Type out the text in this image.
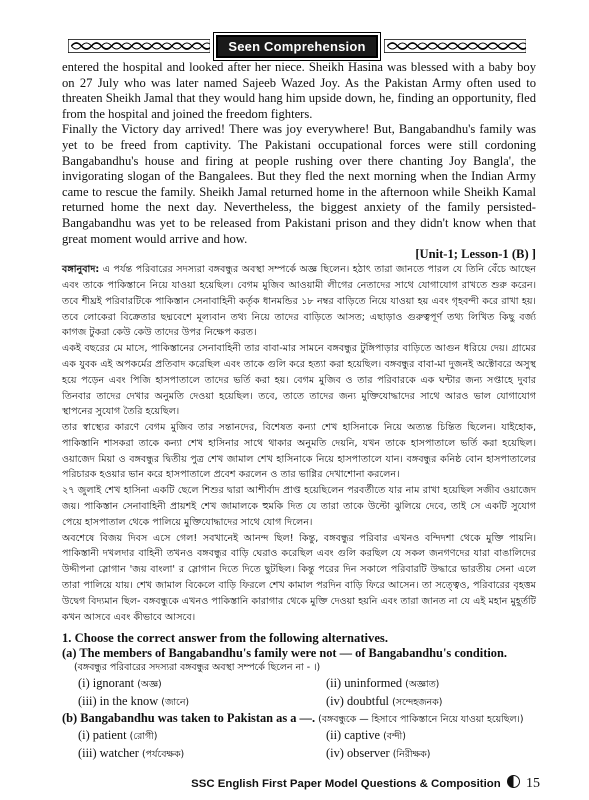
Seen Comprehension

entered the hospital and looked after her niece. Sheikh Hasina was blessed with a baby boy on 27 July who was later named Sajeeb Wazed Joy. As the Pakistan Army often used to threaten Sheikh Jamal that they would hang him upside down, he, finding an opportunity, fled from the hospital and joined the freedom fighters.

Finally the Victory day arrived! There was joy everywhere! But, Bangabandhu's family was yet to be freed from captivity. The Pakistani occupational forces were still cordoning Bangabandhu's house and firing at people rushing over there chanting Joy Bangla', the invigorating slogan of the Bangalees. But they fled the next morning when the Indian Army came to rescue the family. Sheikh Jamal returned home in the afternoon while Sheikh Kamal returned home the next day. Nevertheless, the biggest anxiety of the family persisted- Bangabandhu was yet to be released from Pakistani prison and they didn't know when that great moment would arrive and how.

[Unit-1; Lesson-1 (B) ]

বঙ্গানুবাদ: এ পর্যন্ত পরিবারের সদস্যরা বঙ্গবন্ধুর অবস্থা সম্পর্কে অজ্ঞ ছিলেন। হঠাৎ তারা জানতে পারল যে তিনি বেঁচে আছেন এবং তাকে পাকিস্তানে নিয়ে যাওয়া হয়েছিল। বেগম মুজিব আওয়ামী লীগের নেতাদের সাথে যোগাযোগ রাখতে শুরু করেন। তবে শীঘ্রই পরিবারটিকে পাকিস্তান সেনাবাহিনী কর্তৃক ধানমন্ডির ১৮ নম্বর বাড়িতে নিয়ে যাওয়া হয় এবং গৃহবন্দী করে রাখা হয়। তবে লোকেরা বিক্রেতার ছদ্মবেশে মূল্যবান তথ্য নিয়ে তাদের বাড়িতে আসত; এছাড়াও গুরুত্বপূর্ণ তথ্য লিখিত কিছু বর্জ্য কাগজ টুকরা কেউ কেউ তাদের উপর নিক্ষেপ করত।

একই বছরের মে মাসে, পাকিস্তানের সেনাবাহিনী তার বাবা-মার সামনে বঙ্গবন্ধুর টুঙ্গিপাড়ার বাড়িতে আগুন ধরিয়ে দেয়। গ্রামের এক যুবক এই অপকর্মের প্রতিবাদ করেছিল এবং তাকে গুলি করে হত্যা করা হয়েছিল। বঙ্গবন্ধুর বাবা-মা দুজনই অক্টোবরে অসুস্থ হয়ে পড়েন এবং পিজি হাসপাতালে তাদের ভর্তি করা হয়। বেগম মুজিব ও তার পরিবারকে এক ঘন্টার জন্য সপ্তাহে দুবার তিনবার তাদের দেখার অনুমতি দেওয়া হয়েছিল। তবে, তাতে তাদের জন্য মুক্তিযোদ্ধাদের সাথে আরও ভাল যোগাযোগ স্থাপনের সুযোগ তৈরি হয়েছিল।

তার স্বাস্থ্যের কারণে বেগম মুজিব তার সন্তানদের, বিশেষত কন্যা শেখ হাসিনাকে নিয়ে অত্যন্ত চিন্তিত ছিলেন। যাইহোক, পাকিস্তানি শাসকরা তাকে কন্যা শেখ হাসিনার সাথে থাকার অনুমতি দেয়নি, যখন তাকে হাসপাতালে ভর্তি করা হয়েছিল। ওয়াজেদ মিয়া ও বঙ্গবন্ধুর দ্বিতীয় পুত্র শেখ জামাল শেখ হাসিনাকে নিয়ে হাসপাতালে যান। বঙ্গবন্ধুর কনিষ্ঠ বোন হাসপাতালের পরিচারক হওয়ার ভান করে হাসপাতালে প্রবেশ করলেন ও তার ভাগ্নির দেখাশোনা করলেন।

২৭ জুলাই শেখ হাসিনা একটি ছেলে শিশুর দ্বারা আশীর্বাদ প্রাপ্ত হয়েছিলেন পরবর্তীতে যার নাম রাখা হয়েছিল সজীব ওয়াজেদ জয়। পাকিস্তান সেনাবাহিনী প্রায়শই শেখ জামালকে হুমকি দিত যে তারা তাকে উল্টো ঝুলিয়ে দেবে, তাই সে একটি সুযোগ পেয়ে হাসপাতাল থেকে পালিয়ে মুক্তিযোদ্ধাদের সাথে যোগ দিলেন।

অবশেষে বিজয় দিবস এসে গেল! সবখানেই আনন্দ ছিল! কিন্তু, বঙ্গবন্ধুর পরিবার এখনও বন্দিদশা থেকে মুক্তি পায়নি। পাকিস্তানী দখলদার বাহিনী তখনও বঙ্গবন্ধুর বাড়ি ঘেরাও করেছিল এবং গুলি করছিল যে সকল জনগণদের যারা বাঙালিদের উদ্দীপনা স্লোগান 'জয় বাংলা' র স্লোগান দিতে দিতে ছুটছিল। কিন্তু পরের দিন সকালে পরিবারটি উদ্ধারে ভারতীয় সেনা এলে তারা পালিয়ে যায়। শেখ জামাল বিকেলে বাড়ি ফিরলে শেখ কামাল পরদিন বাড়ি ফিরে আসেন। তা সত্ত্বেও, পরিবারের বৃহত্তম উদ্বেগ বিদ্যমান ছিল- বঙ্গবন্ধুকে এখনও পাকিস্তানি কারাগার থেকে মুক্তি দেওয়া হয়নি এবং তারা জানত না যে এই মহান মুহূর্তটি কখন আসবে এবং কীভাবে আসবে।

1. Choose the correct answer from the following alternatives.

(a) The members of Bangabandhu's family were not — of Bangabandhu's condition.

(বঙ্গবন্ধুর পরিবারের সদস্যরা বঙ্গবন্ধুর অবস্থা সম্পর্কে ছিলেন না - ।)

(i) ignorant (অজ্ঞ)	(ii) uninformed (অজ্ঞাত)
(iii) in the know (জানে)	(iv) doubtful (সন্দেহজনক)

(b) Bangabandhu was taken to Pakistan as a —. (বঙ্গবন্ধুকে — হিসাবে পাকিস্তানে নিয়ে যাওয়া হয়েছিল।)

(i) patient (রোগী)	(ii) captive (বন্দী)
(iii) watcher (পর্যবেক্ষক)	(iv) observer (নিরীক্ষক)
SSC English First Paper Model Questions & Composition 15
